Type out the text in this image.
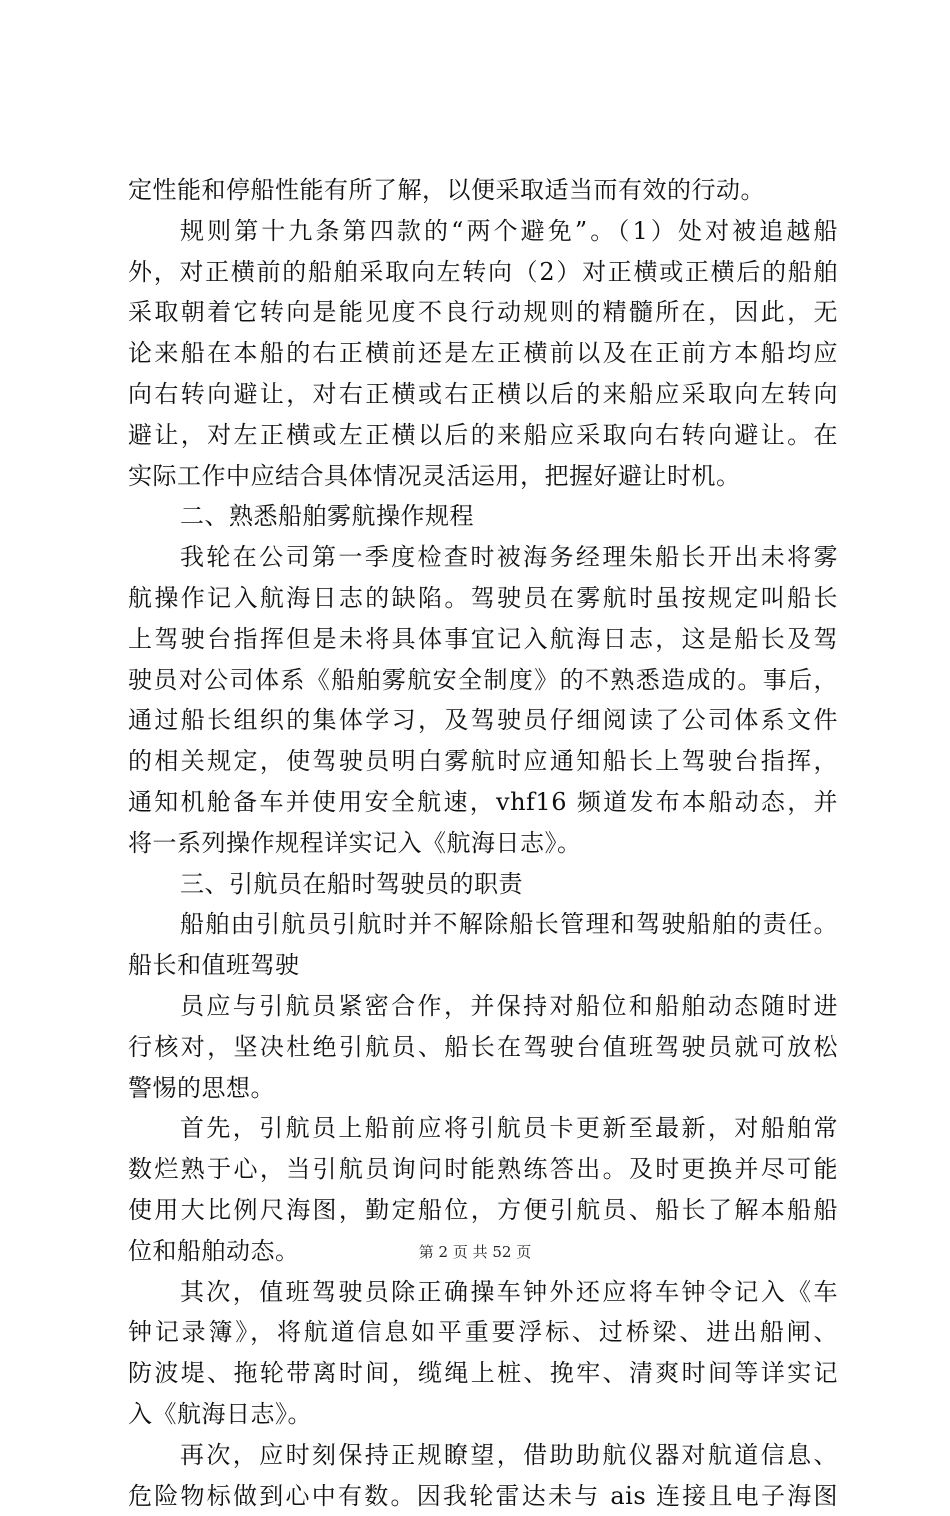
定性能和停船性能有所了解，以便采取适当而有效的行动。
规则第十九条第四款的“两个避免”。（1）处对被追越船
外，对正横前的船舶采取向左转向（2）对正横或正横后的船舶
采取朝着它转向是能见度不良行动规则的精髓所在，因此，无
论来船在本船的右正横前还是左正横前以及在正前方本船均应
向右转向避让，对右正横或右正横以后的来船应采取向左转向
避让，对左正横或左正横以后的来船应采取向右转向避让。在
实际工作中应结合具体情况灵活运用，把握好避让时机。
二、熟悉船舶雾航操作规程
我轮在公司第一季度检查时被海务经理朱船长开出未将雾
航操作记入航海日志的缺陷。驾驶员在雾航时虽按规定叫船长
上驾驶台指挥但是未将具体事宜记入航海日志，这是船长及驾
驶员对公司体系《船舶雾航安全制度》的不熟悉造成的。事后，
通过船长组织的集体学习，及驾驶员仔细阅读了公司体系文件
的相关规定，使驾驶员明白雾航时应通知船长上驾驶台指挥，
通知机舱备车并使用安全航速，vhf16 频道发布本船动态，并
将一系列操作规程详实记入《航海日志》。
三、引航员在船时驾驶员的职责
船舶由引航员引航时并不解除船长管理和驾驶船舶的责任。
船长和值班驾驶
员应与引航员紧密合作，并保持对船位和船舶动态随时进
行核对，坚决杜绝引航员、船长在驾驶台值班驾驶员就可放松
警惕的思想。
首先，引航员上船前应将引航员卡更新至最新，对船舶常
数烂熟于心，当引航员询问时能熟练答出。及时更换并尽可能
使用大比例尺海图，勤定船位，方便引航员、船长了解本船船
位和船舶动态。
其次，值班驾驶员除正确操车钟外还应将车钟令记入《车
钟记录簿》，将航道信息如平重要浮标、过桥梁、进出船闸、
防波堤、拖轮带离时间，缆绳上桩、挽牢、清爽时间等详实记
入《航海日志》。
再次，应时刻保持正规瞭望，借助助航仪器对航道信息、
危险物标做到心中有数。因我轮雷达未与 ais 连接且电子海图
第 2 页 共 52 页
